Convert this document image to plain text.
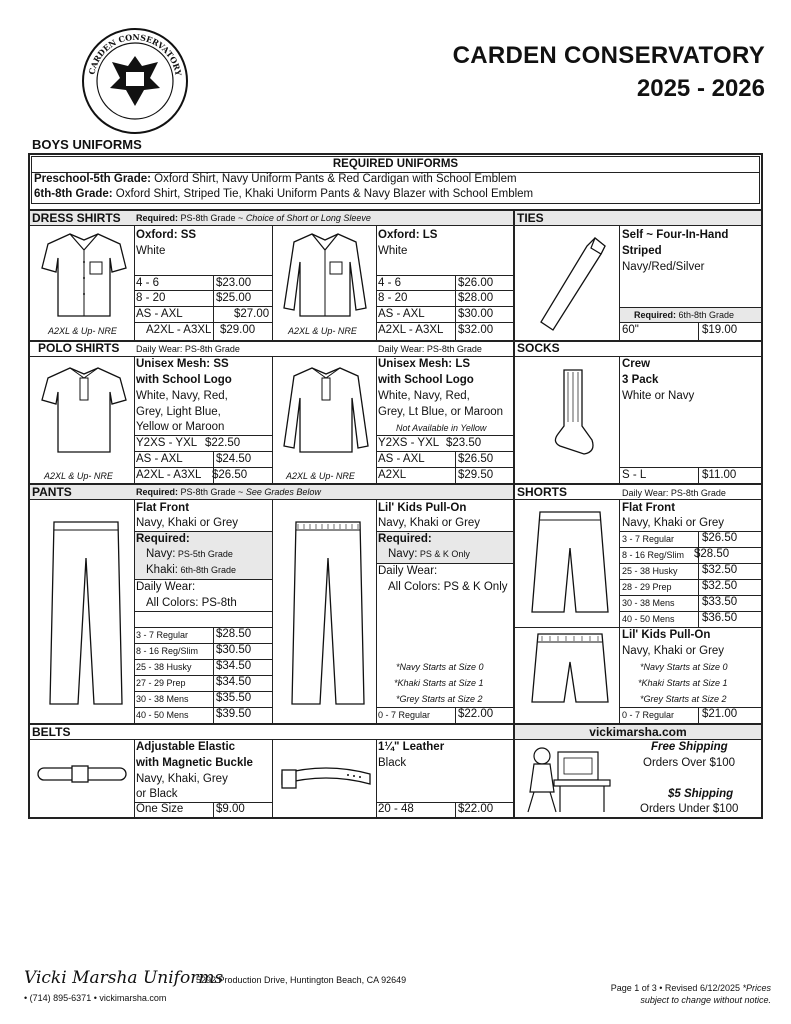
CARDEN CONSERVATORY
CARDEN CONSERVATORY
2025 - 2026
BOYS UNIFORMS
REQUIRED UNIFORMS
Preschool-5th Grade: Oxford Shirt, Navy Uniform Pants & Red Cardigan with School Emblem
6th-8th Grade: Oxford Shirt, Striped Tie, Khaki Uniform Pants & Navy Blazer with School Emblem
DRESS SHIRTS Required: PS-8th Grade ~ Choice of Short or Long Sleeve
A2XL & Up- NRE
Oxford: SS
White
4 - 6	$23.00
8 - 20	$25.00
AS - AXL	$27.00
A2XL - A3XL $29.00	A2XL & Up- NRE
Oxford: LS
White
4 - 6	$26.00
8 - 20	$28.00
AS - AXL	$30.00
A2XL - A3XL $32.00
TIES
Self ~ Four-In-Hand
Striped
Navy/Red/Silver
Required: 6th-8th Grade
60"	$19.00
POLO SHIRTS Daily Wear: PS-8th Grade	Daily Wear: PS-8th Grade
A2XL & Up- NRE
Unisex Mesh: SS
with School Logo
White, Navy, Red,
Grey, Light Blue,
Yellow or Maroon
Y2XS - YXL $22.50
AS - AXL	$24.50
A2XL - A3XL $26.50	A2XL & Up- NRE
Unisex Mesh: LS
with School Logo
White, Navy, Red,
Grey, Lt Blue, or Maroon
Not Available in Yellow
Y2XS - YXL $23.50
AS - AXL	$26.50
A2XL	$29.50
SOCKS
Crew
3 Pack
White or Navy
S - L	$11.00
PANTS	Required: PS-8th Grade ~ See Grades Below
Flat Front
Navy, Khaki or Grey
Required:
Navy: PS-5th Grade
Khaki: 6th-8th Grade
Daily Wear:
All Colors: PS-8th
3 - 7 Regular $28.50
8 - 16 Reg/Slim $30.50
25 - 38 Husky $34.50
27 - 29 Prep	$34.50
30 - 38 Mens $35.50
40 - 50 Mens $39.50
Lil' Kids Pull-On
Navy, Khaki or Grey
Required:
Navy: PS & K Only
Daily Wear:
All Colors: PS & K Only
*Navy Starts at Size 0
*Khaki Starts at Size 1
*Grey Starts at Size 2
0 - 7 Regular $22.00
SHORTS	Daily Wear: PS-8th Grade
Flat Front
Navy, Khaki or Grey
3 - 7 Regular $26.50
8 - 16 Reg/Slim $28.50
25 - 38 Husky $32.50
28 - 29 Prep	$32.50
30 - 38 Mens $33.50
40 - 50 Mens $36.50
Lil' Kids Pull-On
Navy, Khaki or Grey
*Navy Starts at Size 0
*Khaki Starts at Size 1
*Grey Starts at Size 2
0 - 7 Regular $21.00
BELTS
Adjustable Elastic
with Magnetic Buckle
Navy, Khaki, Grey
or Black
One Size	$9.00
1¼" Leather
Black
20 - 48	$22.00
vickimarsha.com
Free Shipping
Orders Over $100
$5 Shipping
Orders Under $100
Vicki Marsha Uniforms
5292 Production Drive, Huntington Beach, CA 92649
• (714) 895-6371 • vickimarsha.com
Page 1 of 3 • Revised 6/12/2025 *Prices
subject to change without notice.
